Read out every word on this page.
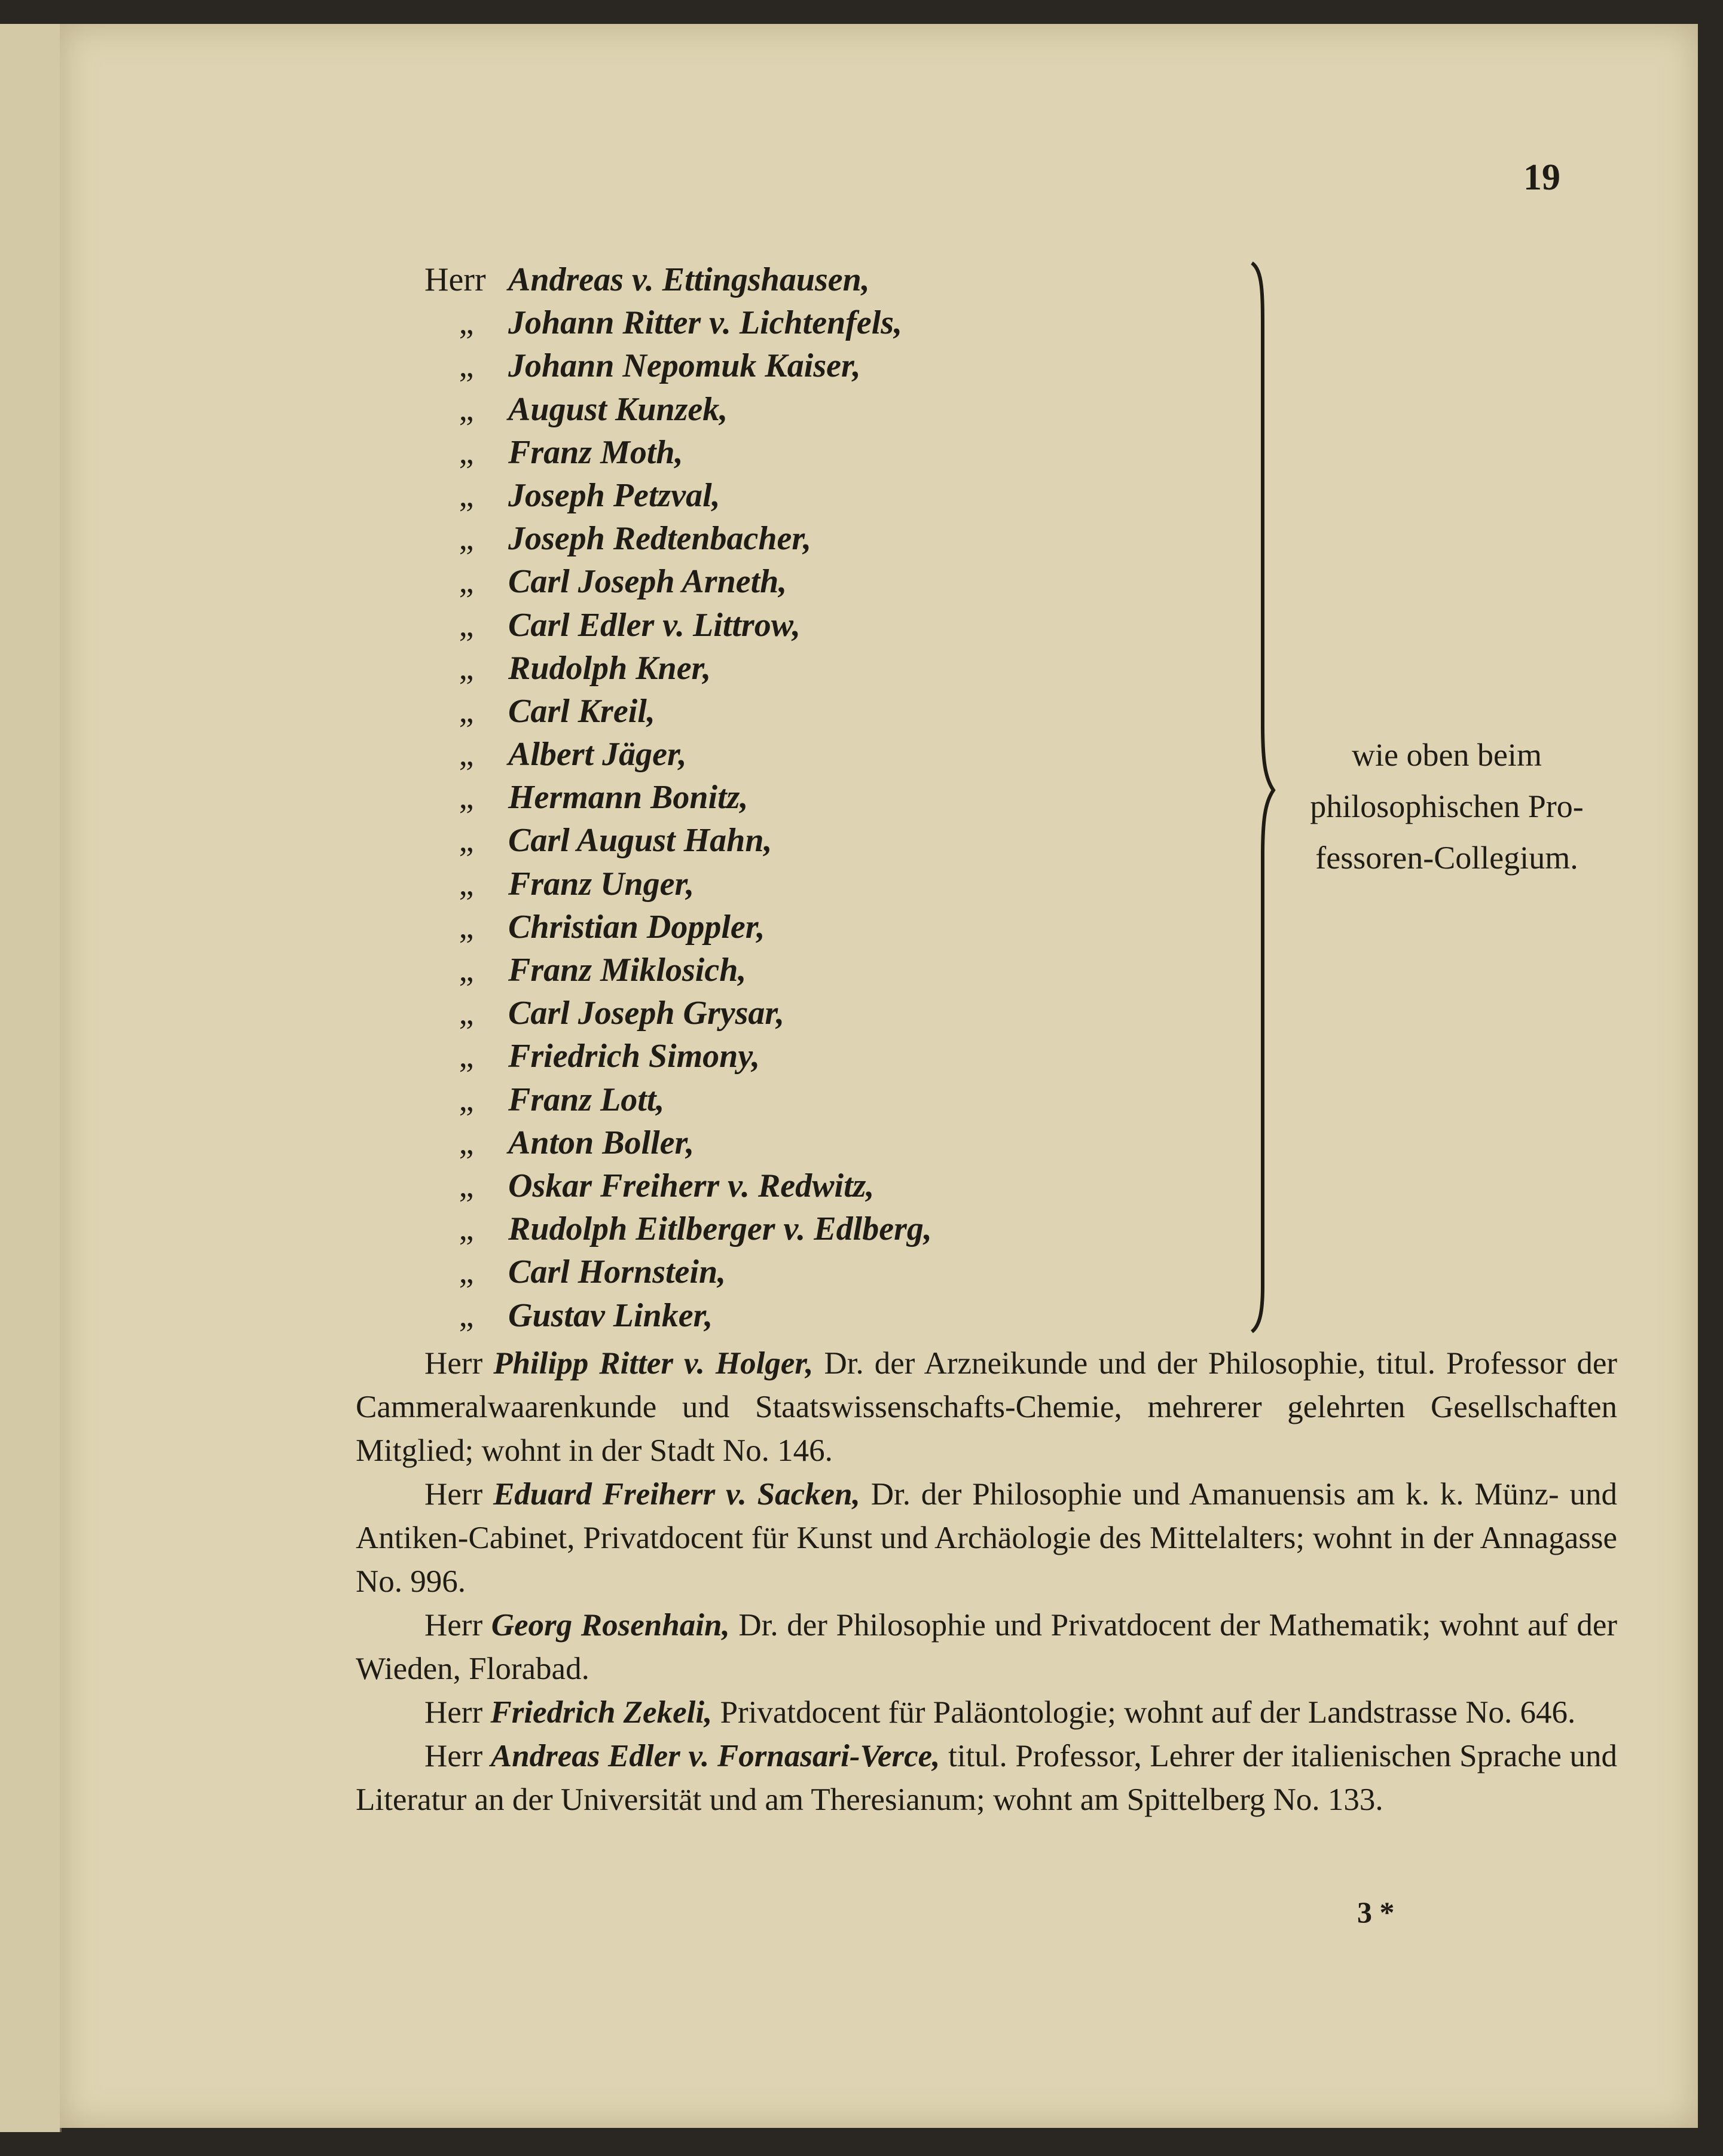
19
Herr Andreas v. Ettingshausen,
„ Johann Ritter v. Lichtenfels,
„ Johann Nepomuk Kaiser,
„ August Kunzek,
„ Franz Moth,
„ Joseph Petzval,
„ Joseph Redtenbacher,
„ Carl Joseph Arneth,
„ Carl Edler v. Littrow,
„ Rudolph Kner,
„ Carl Kreil,
„ Albert Jäger,
„ Hermann Bonitz,
„ Carl August Hahn,
„ Franz Unger,
„ Christian Doppler,
„ Franz Miklosich,
„ Carl Joseph Grysar,
„ Friedrich Simony,
„ Franz Lott,
„ Anton Boller,
„ Oskar Freiherr v. Redwitz,
„ Rudolph Eitlberger v. Edlberg,
„ Carl Hornstein,
„ Gustav Linker,
wie oben beim
philosophischen Pro-
fessoren-Collegium.

Herr Philipp Ritter v. Holger, Dr. der Arzneikunde und der Philosophie, titul. Professor der Cammeralwaarenkunde und Staatswissenschafts-Chemie, mehrerer gelehrten Gesellschaften Mitglied; wohnt in der Stadt No. 146.

Herr Eduard Freiherr v. Sacken, Dr. der Philosophie und Amanuensis am k. k. Münz- und Antiken-Cabinet, Privatdocent für Kunst und Archäologie des Mittelalters; wohnt in der Annagasse No. 996.

Herr Georg Rosenhain, Dr. der Philosophie und Privatdocent der Mathematik; wohnt auf der Wieden, Florabad.

Herr Friedrich Zekeli, Privatdocent für Paläontologie; wohnt auf der Landstrasse No. 646.

Herr Andreas Edler v. Fornasari-Verce, titul. Professor, Lehrer der italienischen Sprache und Literatur an der Universität und am Theresianum; wohnt am Spittelberg No. 133.

3 *
